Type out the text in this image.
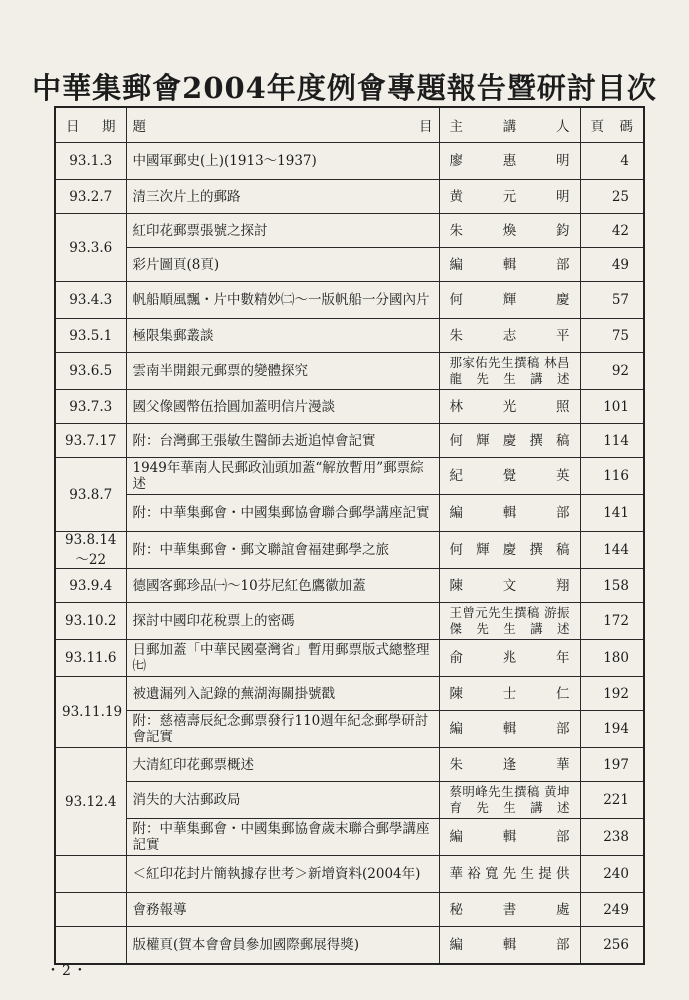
中華集郵會2004年度例會專題報告暨研討目次
日　期	題 目	主講人	頁碼
93.1.3	中國軍郵史(上)(1913～1937)	廖惠明	4
93.2.7	清三次片上的郵路	黄元明	25
93.3.6	紅印花郵票張號之探討	朱煥鈞	42
	彩片圖頁(8頁)	編輯部	49
93.4.3	帆船順風飄・片中數精妙㈡～一版帆船一分國內片	何輝慶	57
93.5.1	極限集郵叢談	朱志平	75
93.6.5	雲南半開銀元郵票的變體探究	那家佑先生撰稿 林昌龍先生講述	92
93.7.3	國父像國幣伍拾圓加蓋明信片漫談	林光照	101
93.7.17	附：台灣郵王張敏生醫師去逝追悼會記實	何輝慶撰稿	114
93.8.7	1949年華南人民郵政汕頭加蓋“解放暫用”郵票綜述	紀覺英	116
	附：中華集郵會・中國集郵協會聯合郵學講座記實	編輯部	141
93.8.14～22	附：中華集郵會・郵文聯誼會福建郵學之旅	何輝慶撰稿	144
93.9.4	德國客郵珍品㈠～10芬尼紅色鷹徽加蓋	陳文翔	158
93.10.2	探討中國印花稅票上的密碼	王曾元先生撰稿 游振傑先生講述	172
93.11.6	日郵加蓋「中華民國臺灣省」暫用郵票版式總整理㈦	俞兆年	180
93.11.19	被遺漏列入記錄的蕪湖海關掛號戳	陳士仁	192
	附：慈禧壽辰紀念郵票發行110週年紀念郵學研討會記實	編輯部	194
93.12.4	大清紅印花郵票概述	朱逢華	197
	消失的大沽郵政局	蔡明峰先生撰稿 黄坤育先生講述	221
	附：中華集郵會・中國集郵協會歲末聯合郵學講座記實	編輯部	238
	＜紅印花封片簡執據存世考＞新增資料(2004年)	華裕寬先生提供	240
	會務報導	秘書處	249
	版權頁(賀本會會員參加國際郵展得獎)	編輯部	256
・2・
